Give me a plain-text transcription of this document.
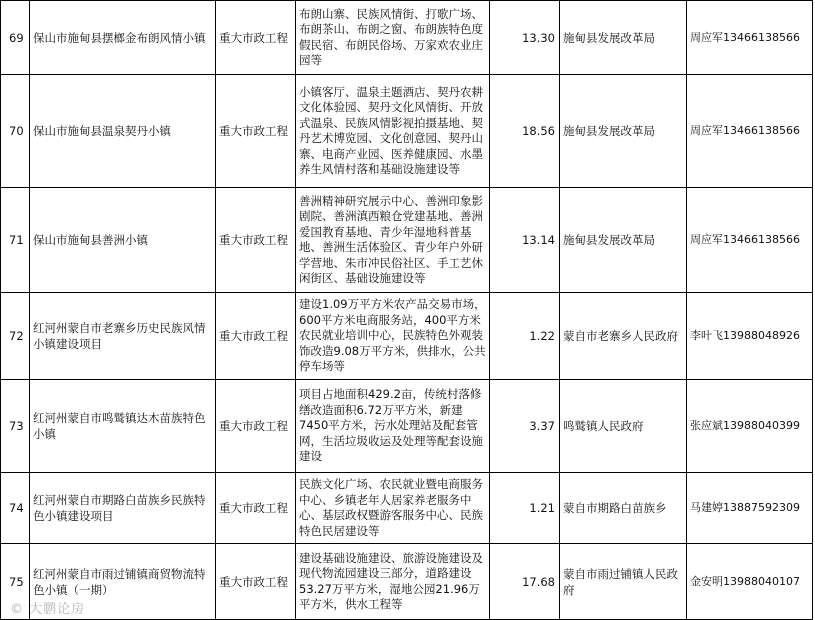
69	保山市施甸县摆榔金布朗风情小镇	重大市政工程	布朗山寨、民族风情街、打歌广场、布朗茶山、布朗之窗、布朗族特色度假民宿、布朗民俗场、万家欢农业庄园等	13.30	施甸县发展改革局	周应军13466138566
70	保山市施甸县温泉契丹小镇	重大市政工程	小镇客厅、温泉主题酒店、契丹农耕文化体验园、契丹文化风情街、开放式温泉、民族风情影视拍摄基地、契丹艺术博览园、文化创意园、契丹山寨、电商产业园、医养健康园、水墨养生风情村落和基础设施建设等	18.56	施甸县发展改革局	周应军13466138566
71	保山市施甸县善洲小镇	重大市政工程	善洲精神研究展示中心、善洲印象影剧院、善洲滇西粮仓党建基地、善洲爱国教育基地、青少年湿地科普基地、善洲生活体验区、青少年户外研学营地、朱市冲民俗社区、手工艺休闲街区、基础设施建设等	13.14	施甸县发展改革局	周应军13466138566
72	红河州蒙自市老寨乡历史民族风情小镇建设项目	重大市政工程	建设1.09万平方米农产品交易市场，600平方米电商服务站，400平方米农民就业培训中心，民族特色外观装饰改造9.08万平方米，供排水，公共停车场等	1.22	蒙自市老寨乡人民政府	李叶飞13988048926
73	红河州蒙自市鸣鹫镇达木苗族特色小镇	重大市政工程	项目占地面积429.2亩，传统村落修缮改造面积6.72万平方米，新建7450平方米，污水处理站及配套管网，生活垃圾收运及处理等配套设施建设	3.37	鸣鹫镇人民政府	张应斌13988040399
74	红河州蒙自市期路白苗族乡民族特色小镇建设项目	重大市政工程	民族文化广场、农民就业暨电商服务中心、乡镇老年人居家养老服务中心、基层政权暨游客服务中心、民族特色民居建设等	1.21	蒙自市期路白苗族乡	马建婷13887592309
75	红河州蒙自市雨过铺镇商贸物流特色小镇（一期）	重大市政工程	建设基础设施建设、旅游设施建设及现代物流园建设三部分，道路建设53.27万平方米，湿地公园21.96万平方米，供水工程等	17.68	蒙自市雨过铺镇人民政府	金安明13988040107
© 大鹏论房
